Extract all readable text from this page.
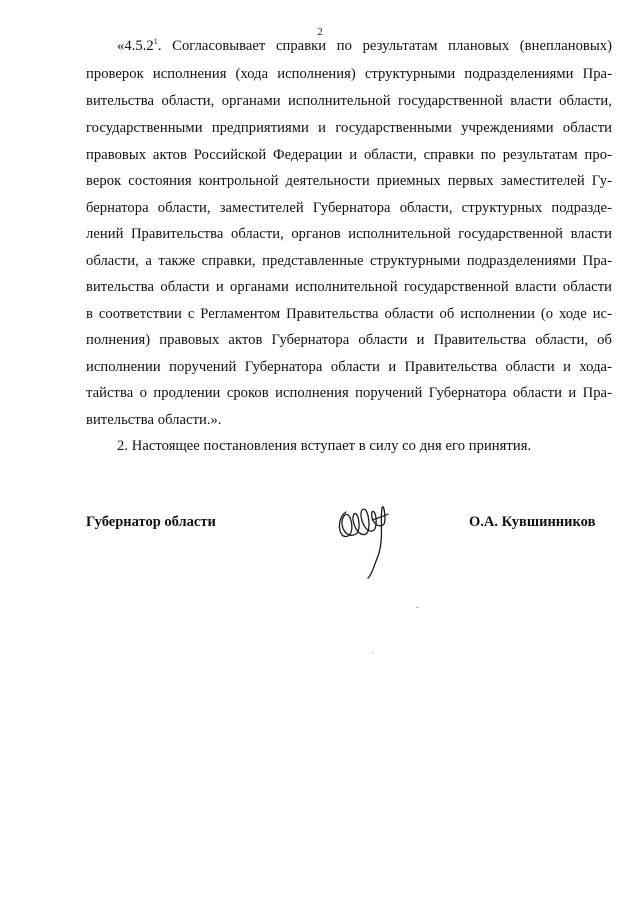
2
«4.5.2$^1$. Согласовывает справки по результатам плановых (внеплановых)
проверок исполнения (хода исполнения) структурными подразделениями Пра-
вительства области, органами исполнительной государственной власти области,
государственными предприятиями и государственными учреждениями области
правовых актов Российской Федерации и области, справки по результатам про-
верок состояния контрольной деятельности приемных первых заместителей Гу-
бернатора области, заместителей Губернатора области, структурных подразде-
лений Правительства области, органов исполнительной государственной власти
области, а также справки, представленные структурными подразделениями Пра-
вительства области и органами исполнительной государственной власти области
в соответствии с Регламентом Правительства области об исполнении (о ходе ис-
полнения) правовых актов Губернатора области и Правительства области, об
исполнении поручений Губернатора области и Правительства области и хода-
тайства о продлении сроков исполнения поручений Губернатора области и Пра-
вительства области.».
2. Настоящее постановления вступает в силу со дня его принятия.
Губернатор области	О.А. Кувшинников
